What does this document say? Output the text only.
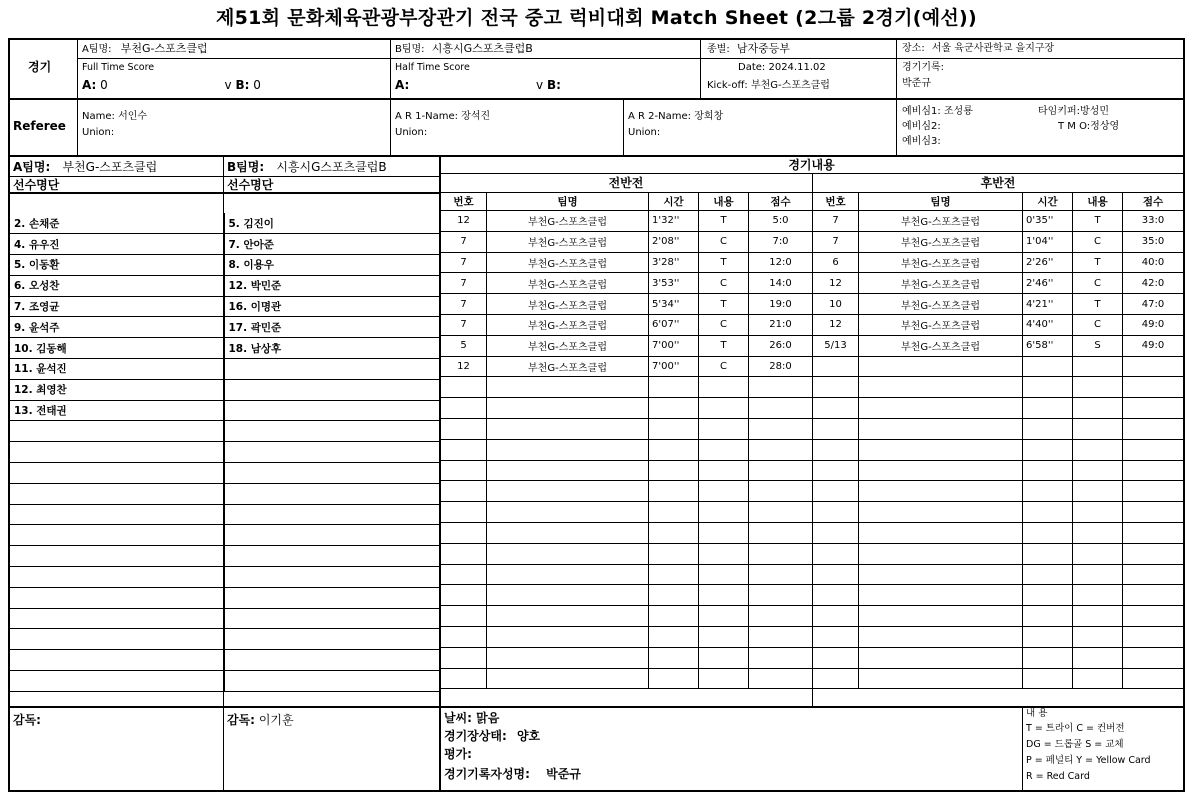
제51회 문화체육관광부장관기 전국 중고 럭비대회 Match Sheet (2그룹 2경기(예선))
경기
A팀명: 부천G-스포츠클럽	B팀명: 시흥시G스포츠클럽B	종별: 남자중등부	장소: 서울 육군사관학교 을지구장
Full Time Score
A: 0	v B: 0
Half Time Score
A:	v B:
Date: 2024.11.02
Kick-off: 부천G-스포츠클럽
경기기록:
박준규
Referee
Name: 서인수
Union:
A R 1-Name: 장석진
Union:
A R 2-Name: 장희창
Union:
예비심1: 조성룡
예비심2:
예비심3:
타임키퍼:방성민
T M O:정상영
A팀명: 부천G-스포츠클럽	B팀명: 시흥시G스포츠클럽B
선수명단	선수명단
2. 손채준	5. 김진이
4. 유우진	7. 안아준
5. 이동환	8. 이용우
6. 오성찬	12. 박민준
7. 조영균	16. 이명관
9. 윤석주	17. 곽민준
10. 김동해	18. 남상후
11. 윤석진	
12. 최영찬	
13. 전태권	

경기내용
전반전	후반전
번호	팀명	시간	내용	점수	번호	팀명	시간	내용	점수
12	부천G-스포츠클럽	1'32''	T	5:0	7	부천G-스포츠클럽	0'35''	T	33:0
7	부천G-스포츠클럽	2'08''	C	7:0	7	부천G-스포츠클럽	1'04''	C	35:0
7	부천G-스포츠클럽	3'28''	T	12:0	6	부천G-스포츠클럽	2'26''	T	40:0
7	부천G-스포츠클럽	3'53''	C	14:0	12	부천G-스포츠클럽	2'46''	C	42:0
7	부천G-스포츠클럽	5'34''	T	19:0	10	부천G-스포츠클럽	4'21''	T	47:0
7	부천G-스포츠클럽	6'07''	C	21:0	12	부천G-스포츠클럽	4'40''	C	49:0
5	부천G-스포츠클럽	7'00''	T	26:0	5/13	부천G-스포츠클럽	6'58''	S	49:0
12	부천G-스포츠클럽	7'00''	C	28:0					

감독:	감독: 이기훈	날씨: 맑음
경기장상태: 양호
평가:
경기기록자성명: 박준규
내 용
T = 트라이 C = 컨버전
DG = 드롭골 S = 교체
P = 페널티 Y = Yellow Card
R = Red Card
